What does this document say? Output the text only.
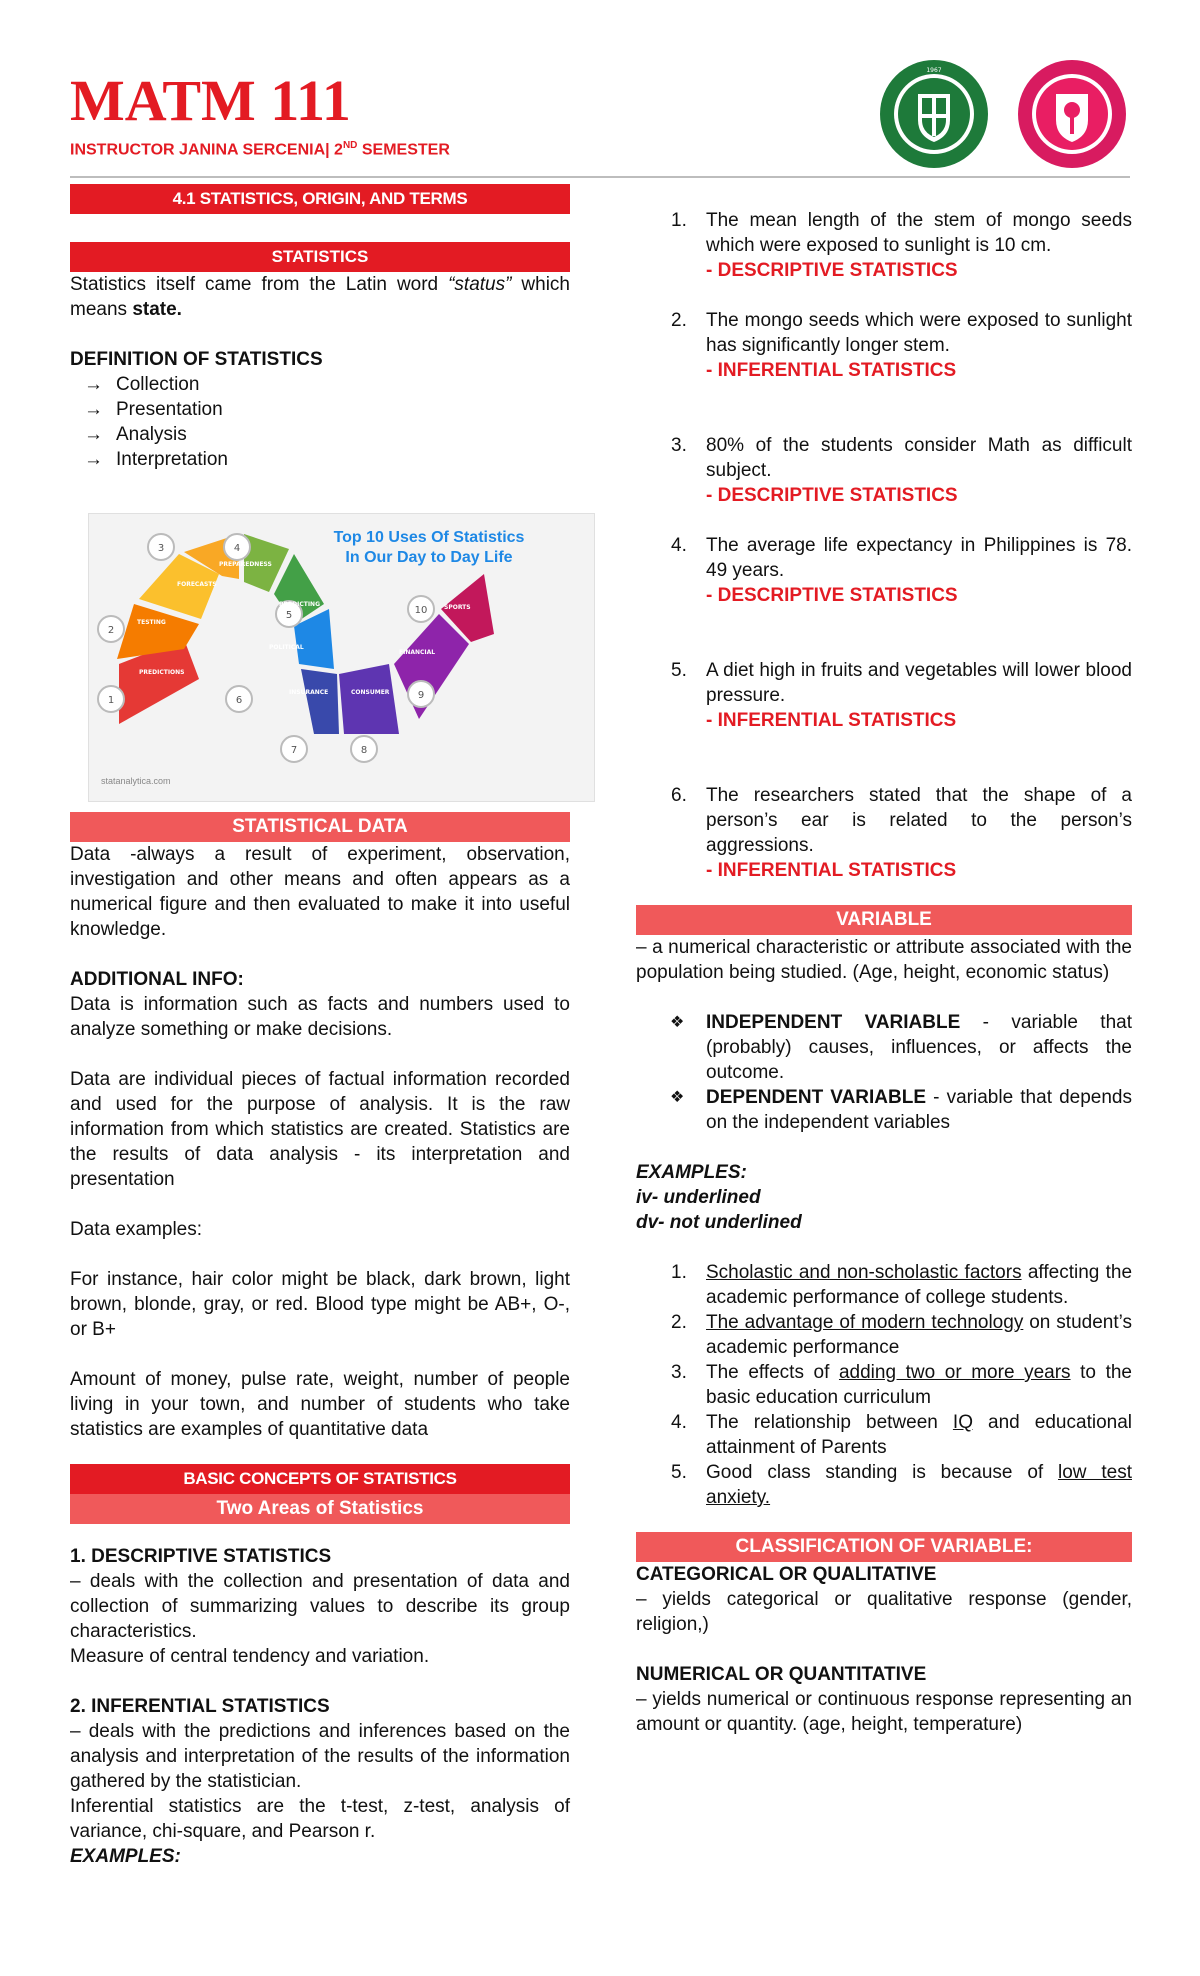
MATM 111
INSTRUCTOR JANINA SERCENIA| 2ND SEMESTER
1967
4.1 STATISTICS, ORIGIN, AND TERMS
STATISTICS

Statistics itself came from the Latin word “status” which means state.

DEFINITION OF STATISTICS

→ Collection
→ Presentation
→ Analysis
→ Interpretation
1
2
3	4
5
6
7	8
9
10
PREDICTIONS
TESTING
FORECASTS
PREPAREDNESS
PREDICTING
POLITICAL
INSURANCE	CONSUMER
FINANCIAL
SPORTS
Top 10 Uses Of Statistics
In Our Day to Day Life
statanalytica.com
STATISTICAL DATA

Data -always a result of experiment, observation, investigation and other means and often appears as a numerical figure and then evaluated to make it into useful knowledge.

ADDITIONAL INFO:

Data is information such as facts and numbers used to analyze something or make decisions.

Data are individual pieces of factual information recorded and used for the purpose of analysis. It is the raw information from which statistics are created. Statistics are the results of data analysis - its interpretation and presentation

Data examples:

For instance, hair color might be black, dark brown, light brown, blonde, gray, or red. Blood type might be AB+, O-, or B+

Amount of money, pulse rate, weight, number of people living in your town, and number of students who take statistics are examples of quantitative data

BASIC CONCEPTS OF STATISTICS
Two Areas of Statistics

1. DESCRIPTIVE STATISTICS

– deals with the collection and presentation of data and collection of summarizing values to describe its group characteristics.

Measure of central tendency and variation.

2. INFERENTIAL STATISTICS

– deals with the predictions and inferences based on the analysis and interpretation of the results of the information gathered by the statistician.

Inferential statistics are the t-test, z-test, analysis of variance, chi-square, and Pearson r.

EXAMPLES:

1. The mean length of the stem of mongo seeds which were exposed to sunlight is 10 cm.
- DESCRIPTIVE STATISTICS
2. The mongo seeds which were exposed to sunlight has significantly longer stem.
- INFERENTIAL STATISTICS
3. 80% of the students consider Math as difficult subject.
- DESCRIPTIVE STATISTICS
4. The average life expectancy in Philippines is 78. 49 years.
- DESCRIPTIVE STATISTICS
5. A diet high in fruits and vegetables will lower blood pressure.
- INFERENTIAL STATISTICS
6. The researchers stated that the shape of a person’s ear is related to the person’s aggressions.
- INFERENTIAL STATISTICS
VARIABLE

– a numerical characteristic or attribute associated with the population being studied. (Age, height, economic status)

❖ INDEPENDENT VARIABLE - variable that (probably) causes, influences, or affects the outcome.
❖ DEPENDENT VARIABLE - variable that depends on the independent variables

EXAMPLES:

iv- underlined

dv- not underlined

1. Scholastic and non-scholastic factors affecting the academic performance of college students.
2. The advantage of modern technology on student’s academic performance
3. The effects of adding two or more years to the basic education curriculum
4. The relationship between IQ and educational attainment of Parents
5. Good class standing is because of low test anxiety.
CLASSIFICATION OF VARIABLE:

CATEGORICAL OR QUALITATIVE

– yields categorical or qualitative response (gender, religion,)

NUMERICAL OR QUANTITATIVE

– yields numerical or continuous response representing an amount or quantity. (age, height, temperature)
